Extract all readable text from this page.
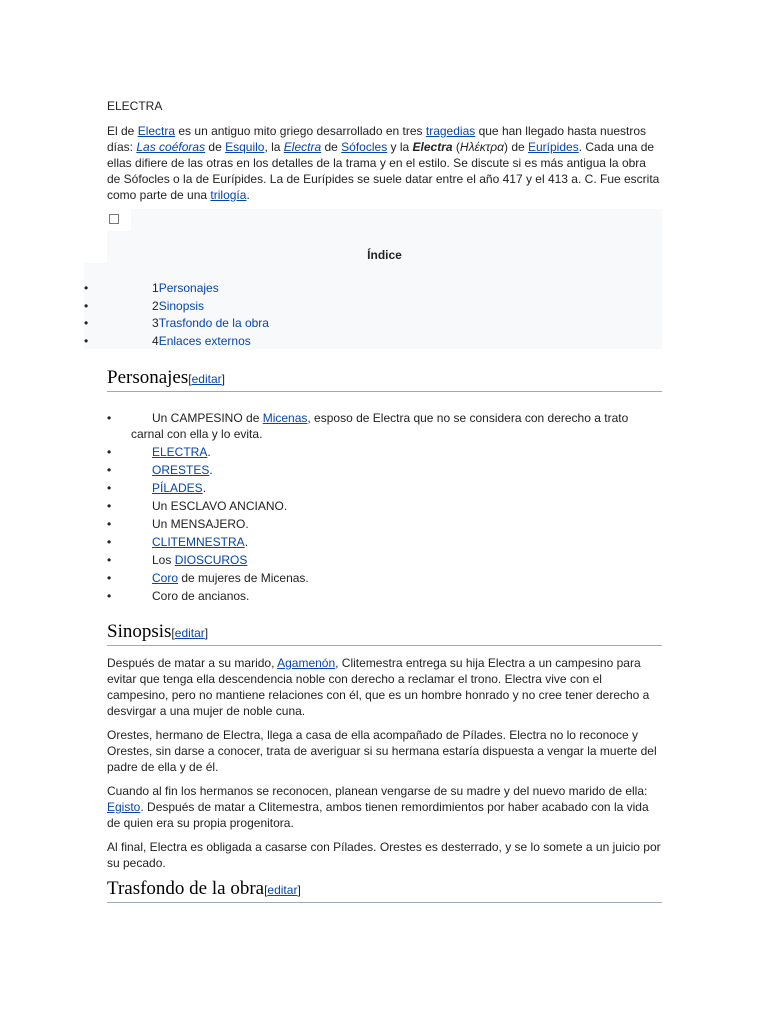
ELECTRA

El de Electra es un antiguo mito griego desarrollado en tres tragedias que han llegado hasta nuestros días: Las coéforas de Esquilo, la Electra de Sófocles y la Electra (Ηλέκτρα) de Eurípides. Cada una de ellas difiere de las otras en los detalles de la trama y en el estilo. Se discute si es más antigua la obra de Sófocles o la de Eurípides. La de Eurípides se suele datar entre el año 417 y el 413 a. C. Fue escrita como parte de una trilogía.

Índice
•	1Personajes
•	2Sinopsis
•	3Trasfondo de la obra
•	4Enlaces externos
Personajes[editar]
•	Un CAMPESINO de Micenas, esposo de Electra que no se considera con derecho a trato carnal con ella y lo evita.
•	ELECTRA.
•	ORESTES.
•	PÍLADES.
•	Un ESCLAVO ANCIANO.
•	Un MENSAJERO.
•	CLITEMNESTRA.
•	Los DIOSCUROS
•	Coro de mujeres de Micenas.
•	Coro de ancianos.
Sinopsis[editar]

Después de matar a su marido, Agamenón, Clitemestra entrega su hija Electra a un campesino para evitar que tenga ella descendencia noble con derecho a reclamar el trono. Electra vive con el campesino, pero no mantiene relaciones con él, que es un hombre honrado y no cree tener derecho a desvirgar a una mujer de noble cuna.

Orestes, hermano de Electra, llega a casa de ella acompañado de Pílades. Electra no lo reconoce y Orestes, sin darse a conocer, trata de averiguar si su hermana estaría dispuesta a vengar la muerte del padre de ella y de él.

Cuando al fin los hermanos se reconocen, planean vengarse de su madre y del nuevo marido de ella: Egisto. Después de matar a Clitemestra, ambos tienen remordimientos por haber acabado con la vida de quien era su propia progenitora.

Al final, Electra es obligada a casarse con Pílades. Orestes es desterrado, y se lo somete a un juicio por su pecado.

Trasfondo de la obra[editar]
